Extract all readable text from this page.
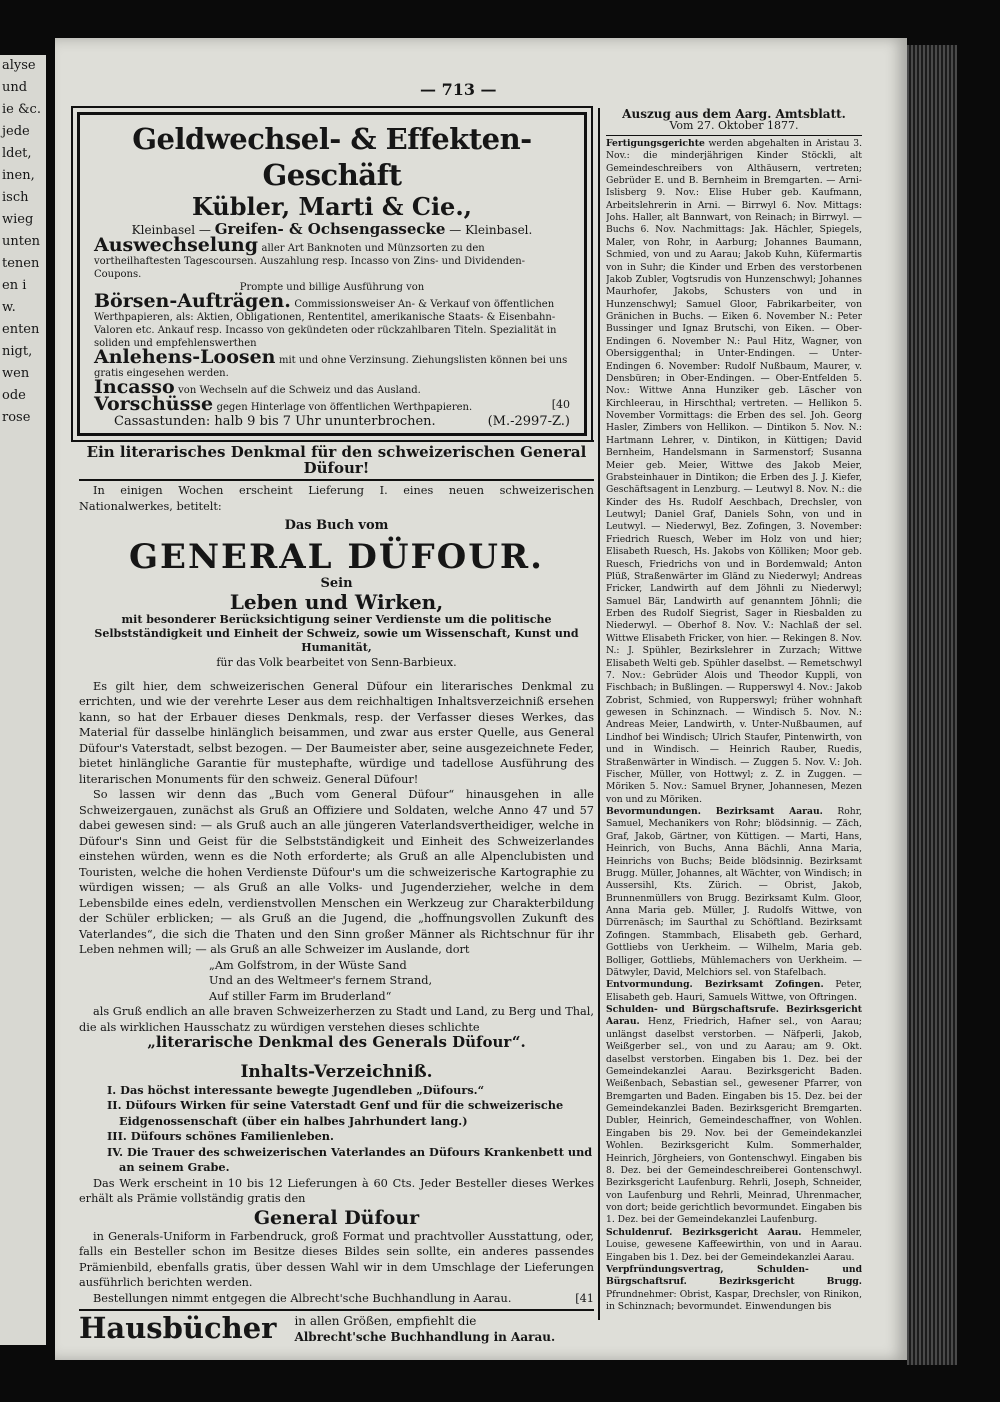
alyse
und
ie &c.
jede
ldet,
inen,
isch
wieg
unten
tenen
en i
w.
enten
nigt,
wen
ode
rose
— 713 —
Geldwechsel- & Effekten-Geschäft
Kübler, Marti & Cie.,
Kleinbasel — Greifen- & Ochsengassecke — Kleinbasel.
Auswechselung aller Art Banknoten und Münzsorten zu den vortheilhaftesten Tagescoursen. Auszahlung resp. Incasso von Zins- und Dividenden-Coupons.
Prompte und billige Ausführung von
Börsen-Aufträgen. Commissionsweiser An- & Verkauf von öffentlichen Werthpapieren, als: Aktien, Obligationen, Rententitel, amerikanische Staats- & Eisenbahn-Valoren etc. Ankauf resp. Incasso von gekündeten oder rückzahlbaren Titeln. Spezialität in soliden und empfehlenswerthen
Anlehens-Loosen mit und ohne Verzinsung. Ziehungslisten können bei uns gratis eingesehen werden.
Incasso von Wechseln auf die Schweiz und das Ausland.
Vorschüsse gegen Hinterlage von öffentlichen Werthpapieren.	[40
Cassastunden: halb 9 bis 7 Uhr ununterbrochen.	(M.-2997-Z.)
Ein literarisches Denkmal für den schweizerischen General Düfour!

In einigen Wochen erscheint Lieferung I. eines neuen schweizerischen Nationalwerkes, betitelt:

Das Buch vom
GENERAL DÜFOUR.
Sein
Leben und Wirken,
mit besonderer Berücksichtigung seiner Verdienste um die politische Selbstständigkeit und Einheit der Schweiz, sowie um Wissenschaft, Kunst und Humanität,
für das Volk bearbeitet von Senn-Barbieux.

Es gilt hier, dem schweizerischen General Düfour ein literarisches Denkmal zu errichten, und wie der verehrte Leser aus dem reichhaltigen Inhaltsverzeichniß ersehen kann, so hat der Erbauer dieses Denkmals, resp. der Verfasser dieses Werkes, das Material für dasselbe hinlänglich beisammen, und zwar aus erster Quelle, aus General Düfour's Vaterstadt, selbst bezogen. — Der Baumeister aber, seine ausgezeichnete Feder, bietet hinlängliche Garantie für mustерhafte, würdige und tadellose Ausführung des literarischen Monuments für den schweiz. General Düfour!

So lassen wir denn das „Buch vom General Düfour“ hinausgehen in alle Schweizergauen, zunächst als Gruß an Offiziere und Soldaten, welche Anno 47 und 57 dabei gewesen sind: — als Gruß auch an alle jüngeren Vaterlandsvertheidiger, welche in Düfour's Sinn und Geist für die Selbstständigkeit und Einheit des Schweizerlandes einstehen würden, wenn es die Noth erforderte; als Gruß an alle Alpenclubisten und Touristen, welche die hohen Verdienste Düfour's um die schweizerische Kartographie zu würdigen wissen; — als Gruß an alle Volks- und Jugenderzieher, welche in dem Lebensbilde eines edeln, verdienstvollen Menschen ein Werkzeug zur Charakterbildung der Schüler erblicken; — als Gruß an die Jugend, die „hoffnungsvollen Zukunft des Vaterlandes“, die sich die Thaten und den Sinn großer Männer als Richtschnur für ihr Leben nehmen will; — als Gruß an alle Schweizer im Auslande, dort

„Am Golfstrom, in der Wüste Sand

Und an des Weltmeer's fernem Strand,

Auf stiller Farm im Bruderland“

als Gruß endlich an alle braven Schweizerherzen zu Stadt und Land, zu Berg und Thal, die als wirklichen Hausschatz zu würdigen verstehen dieses schlichte

„literarische Denkmal des Generals Düfour“.
Inhalts-Verzeichniß.

I. Das höchst interessante bewegte Jugendleben „Düfours.“

II. Düfours Wirken für seine Vaterstadt Genf und für die schweizerische Eidgenossenschaft (über ein halbes Jahrhundert lang.)

III. Düfours schönes Familienleben.

IV. Die Trauer des schweizerischen Vaterlandes an Düfours Krankenbett und an seinem Grabe.

Das Werk erscheint in 10 bis 12 Lieferungen à 60 Cts. Jeder Besteller dieses Werkes erhält als Prämie vollständig gratis den

General Düfour

in Generals-Uniform in Farbendruck, groß Format und prachtvoller Ausstattung, oder, falls ein Besteller schon im Besitze dieses Bildes sein sollte, ein anderes passendes Prämienbild, ebenfalls gratis, über dessen Wahl wir in dem Umschlage der Lieferungen ausführlich berichten werden.

Bestellungen nimmt entgegen die Albrecht'sche Buchhandlung in Aarau.	[41
Hausbücher	in allen Größen, empfiehlt die
Albrecht'sche Buchhandlung in Aarau.
Auszug aus dem Aarg. Amtsblatt.
Vom 27. Oktober 1877.

Fertigungsgerichte werden abgehalten in Aristau 3. Nov.: die minderjährigen Kinder Stöckli, alt Gemeindeschreibers von Althäusern, vertreten; Gebrüder E. und B. Bernheim in Bremgarten. — Arni-Islisberg 9. Nov.: Elise Huber geb. Kaufmann, Arbeitslehrerin in Arni. — Birrwyl 6. Nov. Mittags: Johs. Haller, alt Bannwart, von Reinach; in Birrwyl. — Buchs 6. Nov. Nachmittags: Jak. Hächler, Spiegels, Maler, von Rohr, in Aarburg; Johannes Baumann, Schmied, von und zu Aarau; Jakob Kuhn, Küfermartis von in Suhr; die Kinder und Erben des verstorbenen Jakob Zubler, Vogtsrudis von Hunzenschwyl; Johannes Maurhofer, Jakobs, Schusters von und in Hunzenschwyl; Samuel Gloor, Fabrikarbeiter, von Gränichen in Buchs. — Eiken 6. November N.: Peter Bussinger und Ignaz Brutschi, von Eiken. — Ober-Endingen 6. November N.: Paul Hitz, Wagner, von Obersiggenthal; in Unter-Endingen. — Unter-Endingen 6. November: Rudolf Nußbaum, Maurer, v. Densbüren; in Ober-Endingen. — Ober-Entfelden 5. Nov.: Wittwe Anna Hunziker geb. Läscher von Kirchleerau, in Hirschthal; vertreten. — Hellikon 5. November Vormittags: die Erben des sel. Joh. Georg Hasler, Zimbers von Hellikon. — Dintikon 5. Nov. N.: Hartmann Lehrer, v. Dintikon, in Küttigen; David Bernheim, Handelsmann in Sarmenstorf; Susanna Meier geb. Meier, Wittwe des Jakob Meier, Grabsteinhauer in Dintikon; die Erben des J. J. Kiefer, Geschäftsagent in Lenzburg. — Leutwyl 8. Nov. N.: die Kinder des Hs. Rudolf Aeschbach, Drechsler, von Leutwyl; Daniel Graf, Daniels Sohn, von und in Leutwyl. — Niederwyl, Bez. Zofingen, 3. November: Friedrich Ruesch, Weber im Holz von und hier; Elisabeth Ruesch, Hs. Jakobs von Kölliken; Moor geb. Ruesch, Friedrichs von und in Bordemwald; Anton Plüß, Straßenwärter im Gländ zu Niederwyl; Andreas Fricker, Landwirth auf dem Jöhnli zu Niederwyl; Samuel Bär, Landwirth auf genanntem Jöhnli; die Erben des Rudolf Siegrist, Sager in Riesbalden zu Niederwyl. — Oberhof 8. Nov. V.: Nachlaß der sel. Wittwe Elisabeth Fricker, von hier. — Rekingen 8. Nov. N.: J. Spühler, Bezirkslehrer in Zurzach; Wittwe Elisabeth Welti geb. Spühler daselbst. — Remetschwyl 7. Nov.: Gebrüder Alois und Theodor Kuppli, von Fischbach; in Bußlingen. — Rupperswyl 4. Nov.: Jakob Zobrist, Schmied, von Rupperswyl; früher wohnhaft gewesen in Schinznach. — Windisch 5. Nov. N.: Andreas Meier, Landwirth, v. Unter-Nußbaumen, auf Lindhof bei Windisch; Ulrich Staufer, Pintenwirth, von und in Windisch. — Heinrich Rauber, Ruedis, Straßenwärter in Windisch. — Zuggen 5. Nov. V.: Joh. Fischer, Müller, von Hottwyl; z. Z. in Zuggen. — Möriken 5. Nov.: Samuel Bryner, Johannesen, Mezen von und zu Möriken.

Bevormundungen. Bezirksamt Aarau. Rohr, Samuel, Mechanikers von Rohr; blödsinnig. — Zäch, Graf, Jakob, Gärtner, von Küttigen. — Marti, Hans, Heinrich, von Buchs, Anna Bächli, Anna Maria, Heinrichs von Buchs; Beide blödsinnig. Bezirksamt Brugg. Müller, Johannes, alt Wächter, von Windisch; in Aussersihl, Kts. Zürich. — Obrist, Jakob, Brunnenmüllers von Brugg. Bezirksamt Kulm. Gloor, Anna Maria geb. Müller, J. Rudolfs Wittwe, von Dürrenäsch; im Saurthal zu Schöftland. Bezirksamt Zofingen. Stammbach, Elisabeth geb. Gerhard, Gottliebs von Uerkheim. — Wilhelm, Maria geb. Bolliger, Gottliebs, Mühlemachers von Uerkheim. — Dätwyler, David, Melchiors sel. von Stafelbach.

Entvormundung. Bezirksamt Zofingen. Peter, Elisabeth geb. Hauri, Samuels Wittwe, von Oftringen.

Schulden- und Bürgschaftsrufe. Bezirksgericht Aarau. Henz, Friedrich, Hafner sel., von Aarau; unlängst daselbst verstorben. — Näfperli, Jakob, Weißgerber sel., von und zu Aarau; am 9. Okt. daselbst verstorben. Eingaben bis 1. Dez. bei der Gemeindekanzlei Aarau. Bezirksgericht Baden. Weißenbach, Sebastian sel., gewesener Pfarrer, von Bremgarten und Baden. Eingaben bis 15. Dez. bei der Gemeindekanzlei Baden. Bezirksgericht Bremgarten. Dubler, Heinrich, Gemeindeschaffner, von Wohlen. Eingaben bis 29. Nov. bei der Gemeindekanzlei Wohlen. Bezirksgericht Kulm. Sommerhalder, Heinrich, Jörgheiers, von Gontenschwyl. Eingaben bis 8. Dez. bei der Gemeindeschreiberei Gontenschwyl. Bezirksgericht Laufenburg. Rehrli, Joseph, Schneider, von Laufenburg und Rehrli, Meinrad, Uhrenmacher, von dort; beide gerichtlich bevormundet. Eingaben bis 1. Dez. bei der Gemeindekanzlei Laufenburg.

Schuldenruf. Bezirksgericht Aarau. Hemmeler, Louise, gewesene Kaffeewirthin, von und in Aarau. Eingaben bis 1. Dez. bei der Gemeindekanzlei Aarau.

Verpfründungsvertrag, Schulden- und Bürgschaftsruf. Bezirksgericht Brugg. Pfrundnehmer: Obrist, Kaspar, Drechsler, von Rinikon, in Schinznach; bevormundet. Einwendungen bis
